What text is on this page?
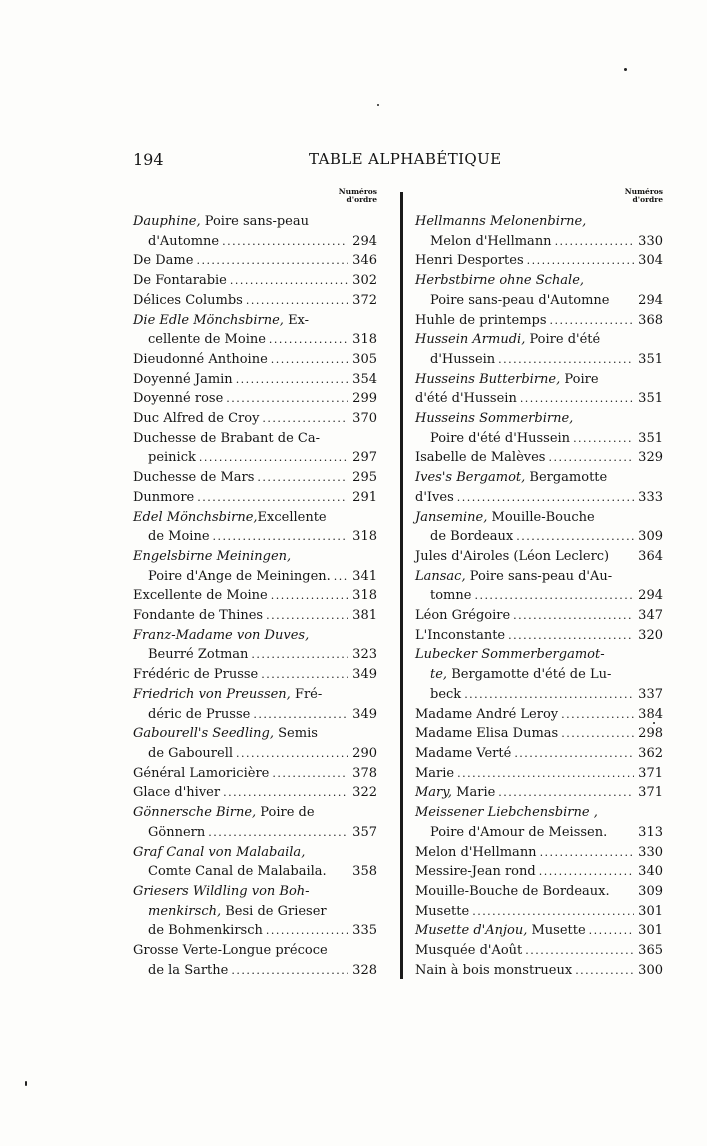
194	TABLE ALPHABÉTIQUE
Numéros
d'ordre
Dauphine, Poire sans-peau
d'Automne . . .	294
De Dame . . .	346
De Fontarabie . . .	302
Délices Columbs . . .	372
Die Edle Mönchsbirne, Ex-
cellente de Moine . . .	318
Dieudonné Anthoine . . .	305
Doyenné Jamin . . .	354
Doyenné rose . . .	299
Duc Alfred de Croy . . .	370
Duchesse de Brabant de Ca-
peinick . . .	297
Duchesse de Mars . . .	295
Dunmore . . .	291
Edel Mönchsbirne,Excellente
de Moine . . .	318
Engelsbirne Meiningen,
Poire d'Ange de Meiningen. . . . 341
Excellente de Moine . . .	318
Fondante de Thines . . .	381
Franz-Madame von Duves,
Beurré Zotman . . .	323
Frédéric de Prusse . . .	349
Friedrich von Preussen, Fré-
déric de Prusse . . .	349
Gabourell's Seedling, Semis
de Gabourell . . .	290
Général Lamoricière . . .	378
Glace d'hiver . . .	322
Gönnersche Birne, Poire de
Gönnern . . .	357
Graf Canal von Malabaila,
Comte Canal de Malabaila. 358
Griesers Wildling von Boh-
menkirsch, Besi de Grieser
de Bohmenkirsch . . .	335
Grosse Verte-Longue précoce
de la Sarthe . . .	328
Numéros
d'ordre
Hellmanns Melonenbirne,
Melon d'Hellmann . . .	330
Henri Desportes . . .	304
Herbstbirne ohne Schale,
Poire sans-peau d'Automne 294
Huhle de printemps . . .	368
Hussein Armudi, Poire d'été
d'Hussein . . .	351
Husseins Butterbirne, Poire
d'été d'Hussein . . .	351
Husseins Sommerbirne,
Poire d'été d'Hussein . . .	351
Isabelle de Malèves . . .	329
Ives's Bergamot, Bergamotte
d'Ives . . .	333
Jansemine, Mouille-Bouche
de Bordeaux . . .	309
Jules d'Airoles (Léon Leclerc) 364
Lansac, Poire sans-peau d'Au-
tomne . . .	294
Léon Grégoire . . .	347
L'Inconstante . . .	320
Lubecker Sommerbergamot-
te, Bergamotte d'été de Lu-
beck . . .	337
Madame André Leroy . . .	384
Madame Elisa Dumas . . .	298
Madame Verté . . .	362
Marie . . .	371
Mary, Marie . . .	371
Meissener Liebchensbirne ,
Poire d'Amour de Meissen. 313
Melon d'Hellmann . . .	330
Messire-Jean rond . . .	340
Mouille-Bouche de Bordeaux. 309
Musette . . .	301
Musette d'Anjou, Musette . . .	301
Musquée d'Août . . .	365
Nain à bois monstrueux . . .	300
